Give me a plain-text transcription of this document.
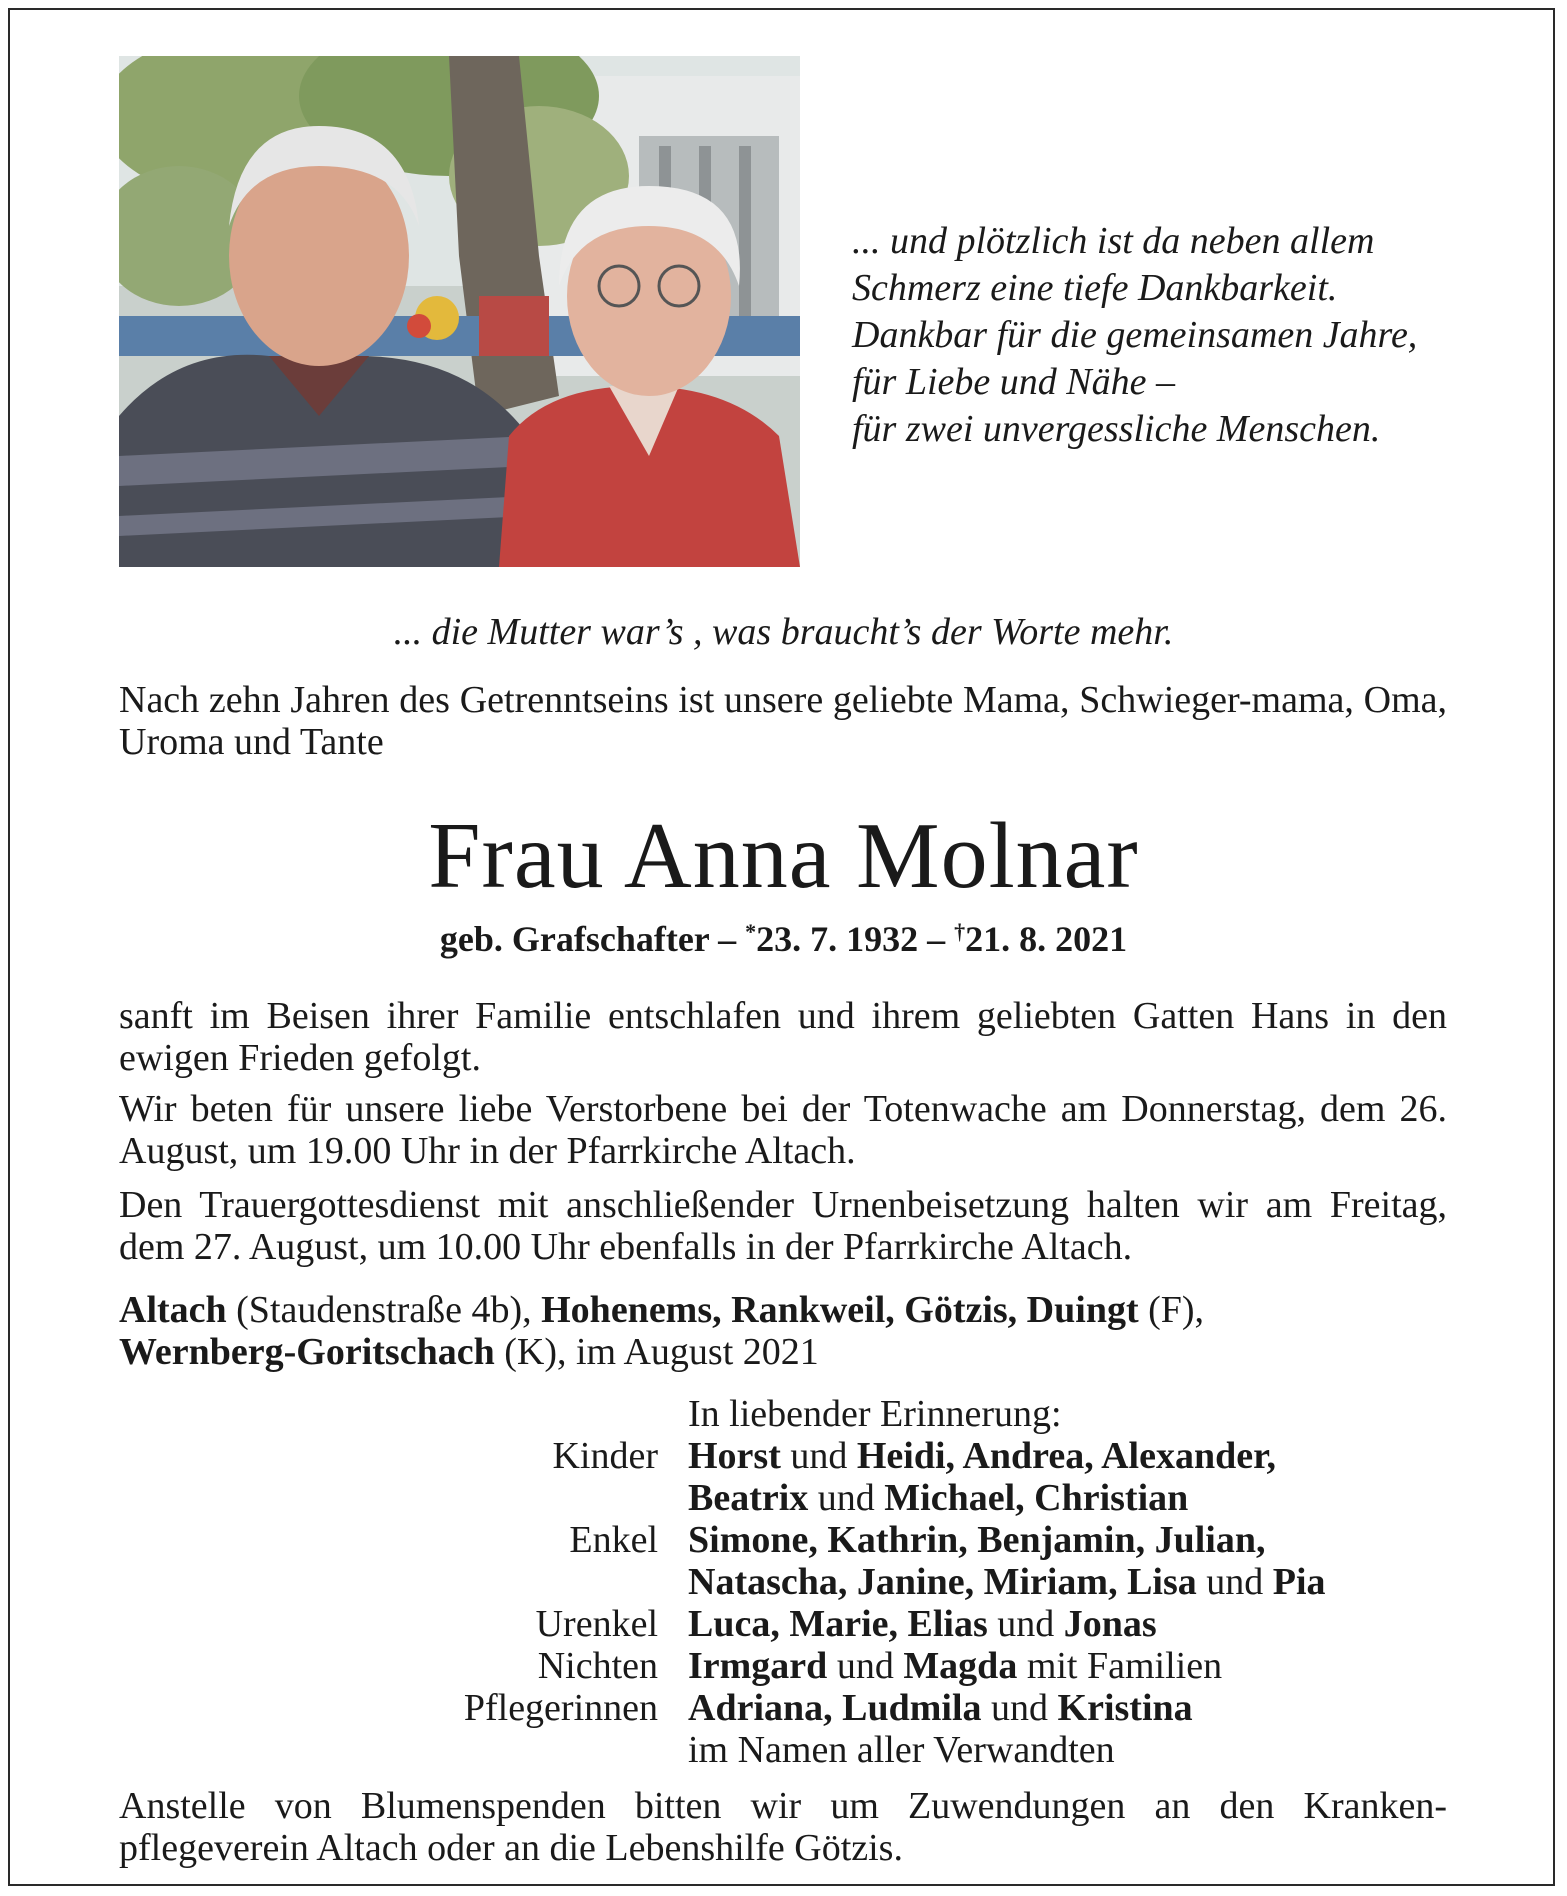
... und plötzlich ist da neben allem
Schmerz eine tiefe Dankbarkeit.
Dankbar für die gemeinsamen Jahre,
für Liebe und Nähe –
für zwei unvergessliche Menschen.
... die Mutter war’s , was braucht’s der Worte mehr.
Nach zehn Jahren des Getrenntseins ist unsere geliebte Mama, Schwieger-mama, Oma, Uroma und Tante
Frau Anna Molnar
geb. Grafschafter – *23. 7. 1932 – †21. 8. 2021
sanft im Beisen ihrer Familie entschlafen und ihrem geliebten Gatten Hans in den ewigen Frieden gefolgt.
Wir beten für unsere liebe Verstorbene bei der Totenwache am Donnerstag, dem 26. August, um 19.00 Uhr in der Pfarrkirche Altach.
Den Trauergottesdienst mit anschließender Urnenbeisetzung halten wir am Freitag, dem 27. August, um 10.00 Uhr ebenfalls in der Pfarrkirche Altach.
Altach (Staudenstraße 4b), Hohenems, Rankweil, Götzis, Duingt (F),
Wernberg-Goritschach (K), im August 2021
In liebender Erinnerung:
Kinder Horst und Heidi, Andrea, Alexander,
Beatrix und Michael, Christian
Enkel Simone, Kathrin, Benjamin, Julian,
Natascha, Janine, Miriam, Lisa und Pia
Urenkel Luca, Marie, Elias und Jonas
Nichten Irmgard und Magda mit Familien
Pflegerinnen Adriana, Ludmila und Kristina
im Namen aller Verwandten
Anstelle von Blumenspenden bitten wir um Zuwendungen an den Kranken-pflegeverein Altach oder an die Lebenshilfe Götzis.
